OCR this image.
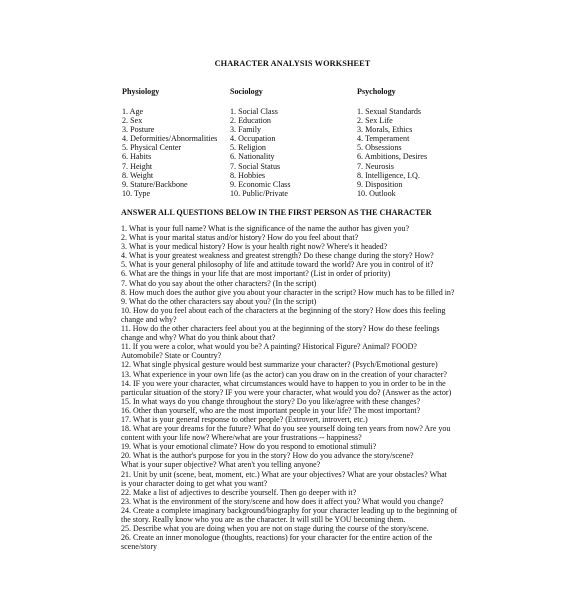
CHARACTER ANALYSIS WORKSHEET
Physiology
1. Age
2. Sex
3. Posture
4. Deformities/Abnormalities
5. Physical Center
6. Habits
7. Height
8. Weight
9. Stature/Backbone
10. Type
Sociology
1. Social Class
2. Education
3. Family
4. Occupation
5. Religion
6. Nationality
7. Social Status
8. Hobbies
9. Economic Class
10. Public/Private
Psychology
1. Sexual Standards
2. Sex Life
3. Morals, Ethics
4. Temperament
5. Obsessions
6. Ambitions, Desires
7. Neurosis
8. Intelligence, I.Q.
9. Disposition
10. Outlook
ANSWER ALL QUESTIONS BELOW IN THE FIRST PERSON AS THE CHARACTER
1. What is your full name? What is the significance of the name the author has given you?
2. What is your marital status and/or history? How do you feel about that?
3. What is your medical history? How is your health right now? Where's it headed?
4. What is your greatest weakness and greatest strength? Do these change during the story? How?
5. What is your general philosophy of life and attitude toward the world? Are you in control of it?
6. What are the things in your life that are most important? (List in order of priority)
7. What do you say about the other characters? (In the script)
8. How much does the author give you about your character in the script? How much has to be filled in?
9. What do the other characters say about you? (In the script)
10. How do you feel about each of the characters at the beginning of the story? How does this feeling
change and why?
11. How do the other characters feel about you at the beginning of the story? How do these feelings
change and why? What do you think about that?
11. If you were a color, what would you be? A painting? Historical Figure? Animal? FOOD?
Automobile? State or Country?
12. What single physical gesture would best summarize your character? (Psych/Emotional gesture)
13. What experience in your own life (as the actor) can you draw on in the creation of your character?
14. IF you were your character, what circumstances would have to happen to you in order to be in the
particular situation of the story? IF you were your character, what would you do? (Answer as the actor)
15. In what ways do you change throughout the story? Do you like/agree with these changes?
16. Other than yourself, who are the most important people in your life? The most important?
17. What is your general response to other people? (Extrovert, introvert, etc.)
18. What are your dreams for the future? What do you see yourself doing ten years from now? Are you
content with your life now? Where/what are your frustrations -- happiness?
19. What is your emotional climate? How do you respond to emotional stimuli?
20. What is the author's purpose for you in the story? How do you advance the story/scene?
What is your super objective? What aren't you telling anyone?
21. Unit by unit (scene, beat, moment, etc.) What are your objectives? What are your obstacles? What
is your character doing to get what you want?
22. Make a list of adjectives to describe yourself. Then go deeper with it?
23. What is the environment of the story/scene and how does it affect you? What would you change?
24. Create a complete imaginary background/biography for your character leading up to the beginning of
the story. Really know who you are as the character. It will still be YOU becoming them.
25. Describe what you are doing when you are not on stage during the course of the story/scene.
26. Create an inner monologue (thoughts, reactions) for your character for the entire action of the
scene/story
